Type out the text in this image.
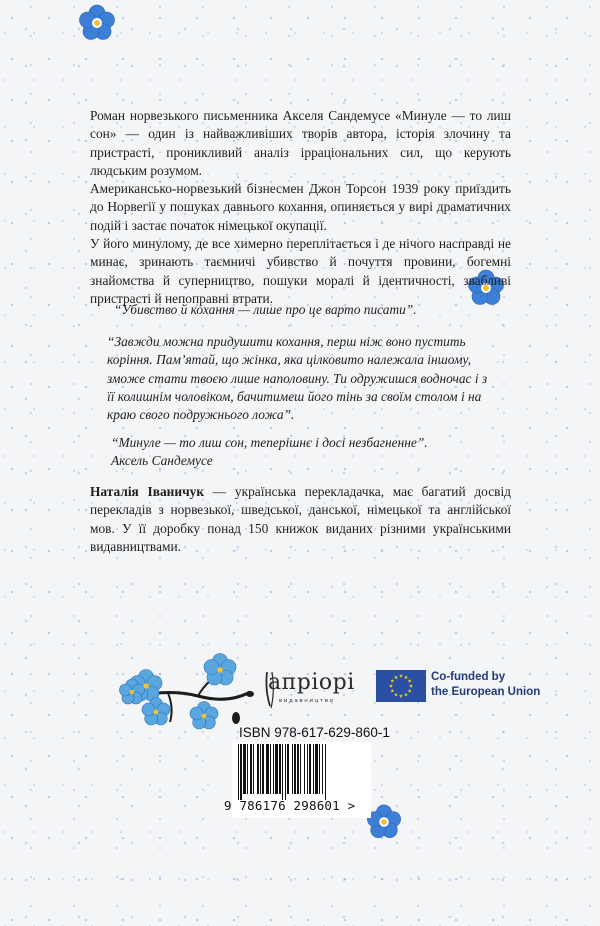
Роман норвезького письменника Акселя Сандемусе «Минуле — то лиш сон» — один із найважливіших творів автора, історія злочину та пристрасті, проникливий аналіз ірраціональних сил, що керують людським розумом.

Американсько-норвезький бізнесмен Джон Торсон 1939 року приїздить до Норвегії у пошуках давнього кохання, опиняється у вирі драматичних подій і застає початок німецької окупації.

У його минулому, де все химерно переплітається і де нічого насправді не минає, зринають таємничі убивство й почуття провини, богемні знайомства й суперництво, пошуки моралі й ідентичності, звабливі пристрасті й непоправні втрати.

“Убивство й кохання — лише про це варто писати”.
“Завжди можна придушити кохання, перш ніж воно пустить
коріння. Пам’ятай, що жінка, яка цілковито належала іншому,
зможе стати твоєю лише наполовину. Ти одружишся водночас і з
її колишнім чоловіком, бачитимеш його тінь за своїм столом і на
краю свого подружнього ложа”.
“Минуле — то лиш сон, теперішнє і досі незбагненне”.
Аксель Сандемусе

Наталія Іваничук — українська перекладачка, має багатий досвід перекладів з норвезької, шведської, данської, німецької та англійської мов. У її доробку понад 150 книжок виданих різними українськими видавництвами.

апріорі
видавництво
Co-funded by
the European Union
ISBN 978-617-629-860-1
9 786176 298601 >
